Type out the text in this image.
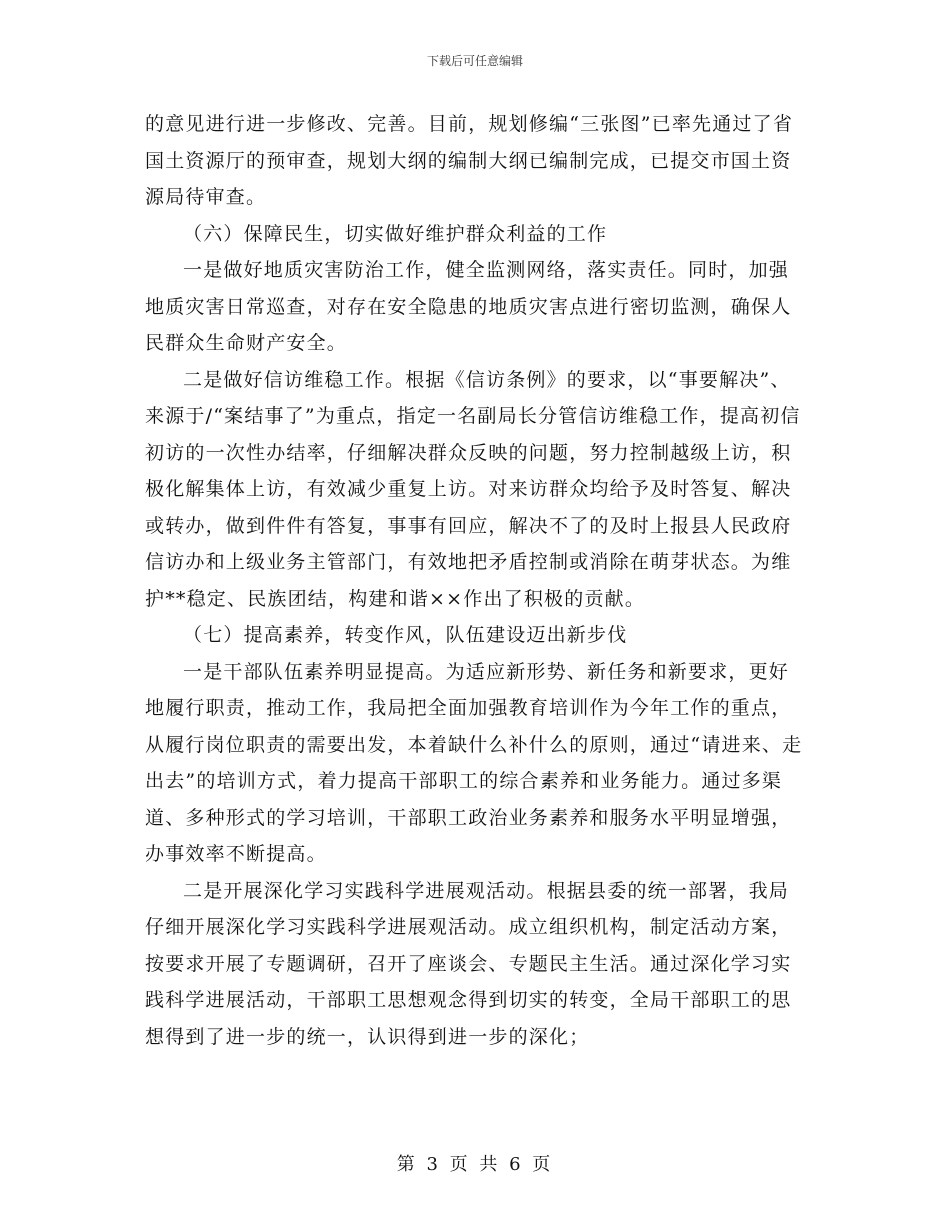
下载后可任意编辑

的意见进行进一步修改、完善。目前，规划修编“三张图”已率先通过了省国土资源厅的预审查，规划大纲的编制大纲已编制完成，已提交市国土资源局待审查。

（六）保障民生，切实做好维护群众利益的工作

一是做好地质灾害防治工作，健全监测网络，落实责任。同时，加强地质灾害日常巡查，对存在安全隐患的地质灾害点进行密切监测，确保人民群众生命财产安全。

二是做好信访维稳工作。根据《信访条例》的要求，以“事要解决”、来源于/“案结事了”为重点，指定一名副局长分管信访维稳工作，提高初信初访的一次性办结率，仔细解决群众反映的问题，努力控制越级上访，积极化解集体上访，有效减少重复上访。对来访群众均给予及时答复、解决或转办，做到件件有答复，事事有回应，解决不了的及时上报县人民政府信访办和上级业务主管部门，有效地把矛盾控制或消除在萌芽状态。为维护**稳定、民族团结，构建和谐××作出了积极的贡献。

（七）提高素养，转变作风，队伍建设迈出新步伐

一是干部队伍素养明显提高。为适应新形势、新任务和新要求，更好地履行职责，推动工作，我局把全面加强教育培训作为今年工作的重点，从履行岗位职责的需要出发，本着缺什么补什么的原则，通过“请进来、走出去”的培训方式，着力提高干部职工的综合素养和业务能力。通过多渠道、多种形式的学习培训，干部职工政治业务素养和服务水平明显增强，办事效率不断提高。

二是开展深化学习实践科学进展观活动。根据县委的统一部署，我局仔细开展深化学习实践科学进展观活动。成立组织机构，制定活动方案，按要求开展了专题调研，召开了座谈会、专题民主生活。通过深化学习实践科学进展活动，干部职工思想观念得到切实的转变，全局干部职工的思想得到了进一步的统一，认识得到进一步的深化；

第 3 页 共 6 页
